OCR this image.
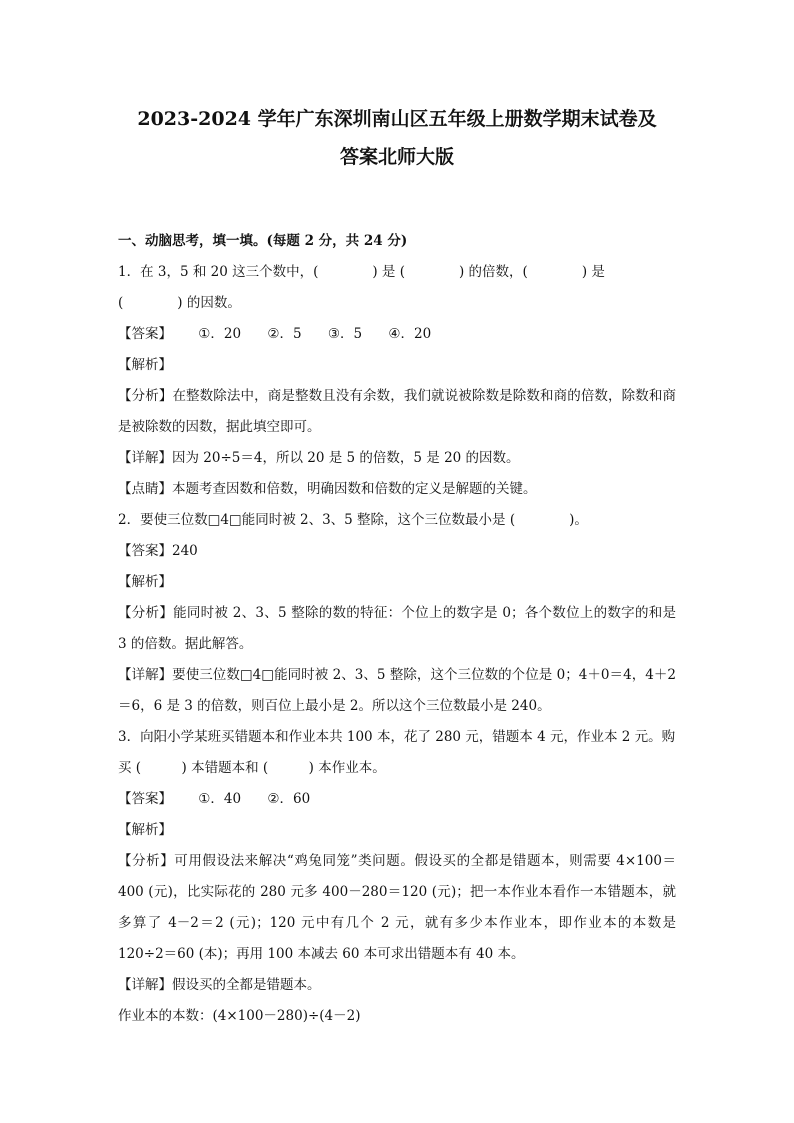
2023-2024 学年广东深圳南山区五年级上册数学期末试卷及
答案北师大版
一、动脑思考，填一填。(每题 2 分，共 24 分)
1．在 3，5 和 20 这三个数中，(　　　　) 是 (　　　　) 的倍数，(　　　　) 是
(　　　　) 的因数。
【答案】 ①．20 ②．5 ③．5 ④．20
【解析】
【分析】在整数除法中，商是整数且没有余数，我们就说被除数是除数和商的倍数，除数和商是被除数的因数，据此填空即可。
【详解】因为 20÷5＝4，所以 20 是 5 的倍数，5 是 20 的因数。
【点睛】本题考查因数和倍数，明确因数和倍数的定义是解题的关键。
2．要使三位数□4□能同时被 2、3、5 整除，这个三位数最小是 (　　　　)。
【答案】240
【解析】
【分析】能同时被 2、3、5 整除的数的特征：个位上的数字是 0；各个数位上的数字的和是 3 的倍数。据此解答。
【详解】要使三位数□4□能同时被 2、3、5 整除，这个三位数的个位是 0；4＋0＝4，4＋2＝6，6 是 3 的倍数，则百位上最小是 2。所以这个三位数最小是 240。
3．向阳小学某班买错题本和作业本共 100 本，花了 280 元，错题本 4 元，作业本 2 元。购
买 (　　　) 本错题本和 (　　　) 本作业本。
【答案】 ①．40 ②．60
【解析】
【分析】可用假设法来解决“鸡兔同笼”类问题。假设买的全都是错题本，则需要 4×100＝400 (元)，比实际花的 280 元多 400－280＝120 (元)；把一本作业本看作一本错题本，就多算了 4－2＝2 (元)；120 元中有几个 2 元，就有多少本作业本，即作业本的本数是 120÷2＝60 (本)；再用 100 本减去 60 本可求出错题本有 40 本。
【详解】假设买的全都是错题本。
作业本的本数：(4×100－280)÷(4－2)
